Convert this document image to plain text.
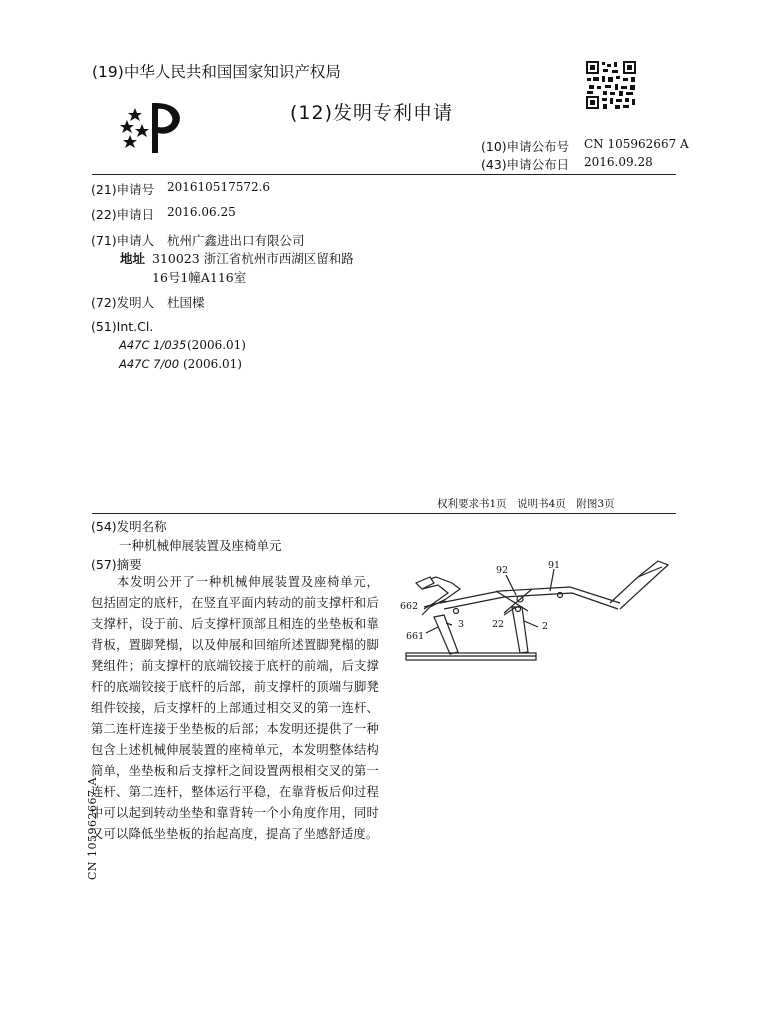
(19)中华人民共和国国家知识产权局
(12)发明专利申请
(10)申请公布号 CN 105962667 A
(43)申请公布日 2016.09.28
(21)申请号 201610517572.6
(22)申请日 2016.06.25
(71)申请人 杭州广鑫进出口有限公司
地址 310023 浙江省杭州市西湖区留和路
16号1幢A116室
(72)发明人 杜国樑
(51)Int.Cl.
A47C 1/035 (2006.01)
A47C 7/00 (2006.01)
权利要求书1页　说明书4页　附图3页
(54)发明名称
一种机械伸展装置及座椅单元
(57)摘要
本发明公开了一种机械伸展装置及座椅单元，包括固定的底杆，在竖直平面内转动的前支撑杆和后支撑杆，设于前、后支撑杆顶部且相连的坐垫板和靠背板，置脚凳榻，以及伸展和回缩所述置脚凳榻的脚凳组件；前支撑杆的底端铰接于底杆的前端，后支撑杆的底端铰接于底杆的后部，前支撑杆的顶端与脚凳组件铰接，后支撑杆的上部通过相交叉的第一连杆、第二连杆连接于坐垫板的后部；本发明还提供了一种包含上述机械伸展装置的座椅单元，本发明整体结构简单，坐垫板和后支撑杆之间设置两根相交叉的第一连杆、第二连杆，整体运行平稳，在靠背板后仰过程中可以起到转动坐垫和靠背转一个小角度作用，同时又可以降低坐垫板的抬起高度，提高了坐感舒适度。
92	91
662
22	2
661
3
CN 105962667 A
